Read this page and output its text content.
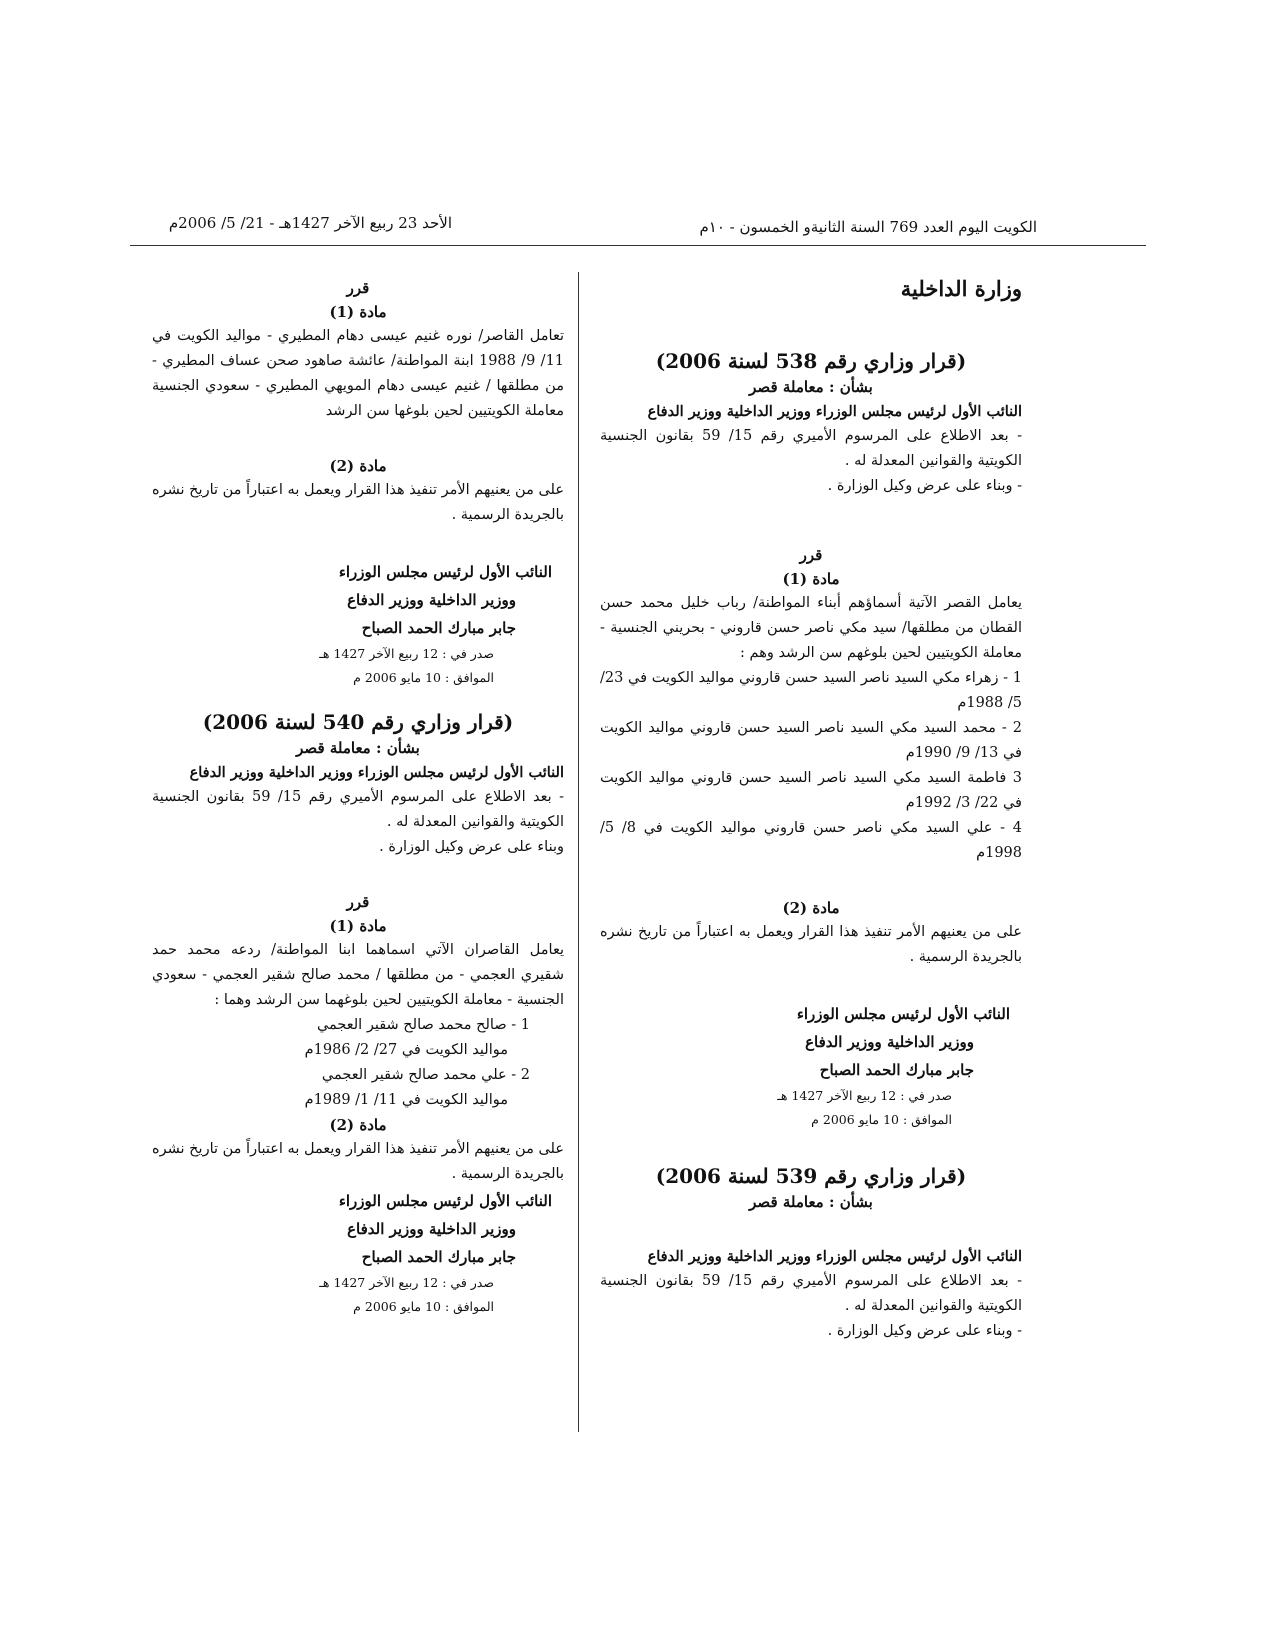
الكويت اليوم العدد 769 السنة الثانيةو الخمسون - ١٠م
الأحد 23 ربيع الآخر 1427هـ - 21/ 5/ 2006م
وزارة الداخلية
(قرار وزاري رقم 538 لسنة 2006)
بشأن : معاملة قصر
النائب الأول لرئيس مجلس الوزراء ووزير الداخلية ووزير الدفاع
- بعد الاطلاع على المرسوم الأميري رقم 15/ 59 بقانون الجنسية الكويتية والقوانين المعدلة له .
- وبناء على عرض وكيل الوزارة .
قرر
مادة (1)
يعامل القصر الآتية أسماؤهم أبناء المواطنة/ رباب خليل محمد حسن القطان من مطلقها/ سيد مكي ناصر حسن قاروني - بحريني الجنسية - معاملة الكويتيين لحين بلوغهم سن الرشد وهم :
1 - زهراء مكي السيد ناصر السيد حسن قاروني مواليد الكويت في 23/ 5/ 1988م
2 - محمد السيد مكي السيد ناصر السيد حسن قاروني مواليد الكويت في 13/ 9/ 1990م
3 فاطمة السيد مكي السيد ناصر السيد حسن قاروني مواليد الكويت في 22/ 3/ 1992م
4 - علي السيد مكي ناصر حسن قاروني مواليد الكويت في 8/ 5/ 1998م
مادة (2)
على من يعنيهم الأمر تنفيذ هذا القرار ويعمل به اعتباراً من تاريخ نشره بالجريدة الرسمية .
النائب الأول لرئيس مجلس الوزراء
ووزير الداخلية ووزير الدفاع
جابر مبارك الحمد الصباح
صدر في : 12 ربيع الآخر 1427 هـ
الموافق : 10 مايو 2006 م
(قرار وزاري رقم 539 لسنة 2006)
بشأن : معاملة قصر
النائب الأول لرئيس مجلس الوزراء ووزير الداخلية ووزير الدفاع
- بعد الاطلاع على المرسوم الأميري رقم 15/ 59 بقانون الجنسية الكويتية والقوانين المعدلة له .
- وبناء على عرض وكيل الوزارة .
قرر
مادة (1)
تعامل القاصر/ نوره غنيم عيسى دهام المطيري - مواليد الكويت في 11/ 9/ 1988 ابنة المواطنة/ عائشة صاهود صحن عساف المطيري - من مطلقها / غنيم عيسى دهام المويهي المطيري - سعودي الجنسية معاملة الكويتيين لحين بلوغها سن الرشد
مادة (2)
على من يعنيهم الأمر تنفيذ هذا القرار ويعمل به اعتباراً من تاريخ نشره بالجريدة الرسمية .
النائب الأول لرئيس مجلس الوزراء
ووزير الداخلية ووزير الدفاع
جابر مبارك الحمد الصباح
صدر في : 12 ربيع الآخر 1427 هـ
الموافق : 10 مايو 2006 م
(قرار وزاري رقم 540 لسنة 2006)
بشأن : معاملة قصر
النائب الأول لرئيس مجلس الوزراء ووزير الداخلية ووزير الدفاع
- بعد الاطلاع على المرسوم الأميري رقم 15/ 59 بقانون الجنسية الكويتية والقوانين المعدلة له .
وبناء على عرض وكيل الوزارة .
قرر
مادة (1)
يعامل القاصران الآتي اسماهما ابنا المواطنة/ ردعه محمد حمد شقيري العجمي - من مطلقها / محمد صالح شقير العجمي - سعودي الجنسية - معاملة الكويتيين لحين بلوغهما سن الرشد وهما :
1 - صالح محمد صالح شقير العجمي
مواليد الكويت في 27/ 2/ 1986م
2 - علي محمد صالح شقير العجمي
مواليد الكويت في 11/ 1/ 1989م
مادة (2)
على من يعنيهم الأمر تنفيذ هذا القرار ويعمل به اعتباراً من تاريخ نشره بالجريدة الرسمية .
النائب الأول لرئيس مجلس الوزراء
ووزير الداخلية ووزير الدفاع
جابر مبارك الحمد الصباح
صدر في : 12 ربيع الآخر 1427 هـ
الموافق : 10 مايو 2006 م
